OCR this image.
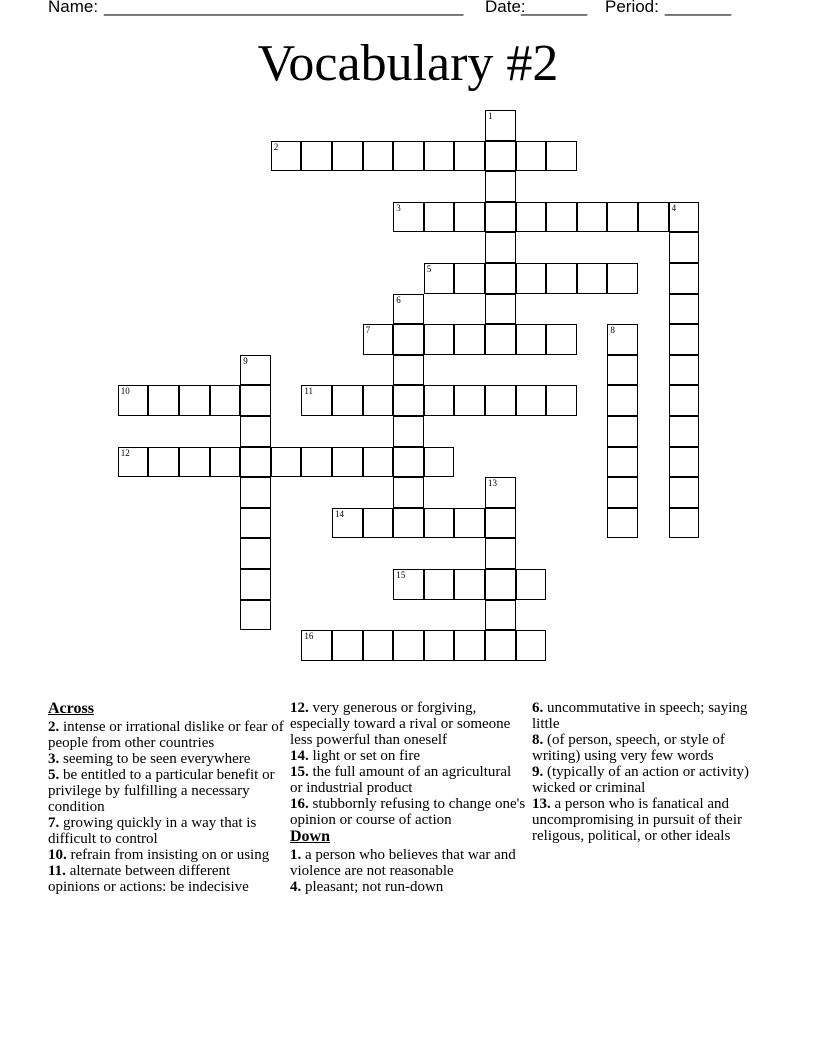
Name: ______________________________________ Date:
_______ Period: _______
Vocabulary #2
1
2
3	4
5
6
7	8
9
10	11
12
13
14
15
16
Across
2. intense or irrational dislike or fear of people from other countries
3. seeming to be seen everywhere
5. be entitled to a particular benefit or privilege by fulfilling a necessary condition
7. growing quickly in a way that is difficult to control
10. refrain from insisting on or using
11. alternate between different opinions or actions: be indecisive
12. very generous or forgiving, especially toward a rival or someone less powerful than oneself
14. light or set on fire
15. the full amount of an agricultural or industrial product
16. stubbornly refusing to change one's opinion or course of action
Down
1. a person who believes that war and violence are not reasonable
4. pleasant; not run-down
6. uncommutative in speech; saying little
8. (of person, speech, or style of writing) using very few words
9. (typically of an action or activity) wicked or criminal
13. a person who is fanatical and uncompromising in pursuit of their religous, political, or other ideals
